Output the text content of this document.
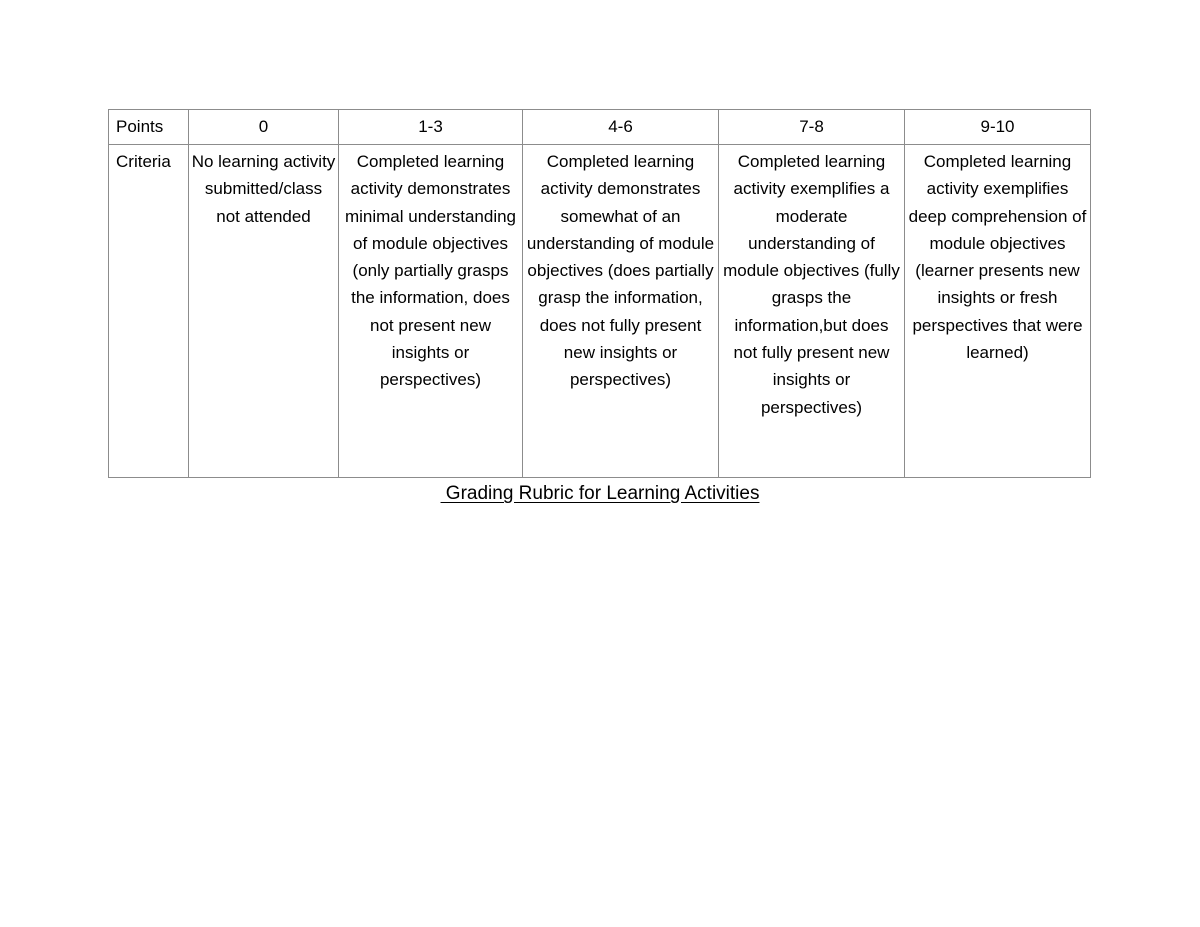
Points	0	1-3	4-6	7-8	9-10
Criteria	No learning activity submitted/class not attended	Completed learning activity demonstrates minimal understanding of module objectives (only partially grasps the information, does not present new insights or perspectives)	Completed learning activity demonstrates somewhat of an understanding of module objectives (does partially grasp the information, does not fully present new insights or perspectives)	Completed learning activity exemplifies a moderate understanding of module objectives (fully grasps the information,but does not fully present new insights or perspectives)	Completed learning activity exemplifies deep comprehension of module objectives (learner presents new insights or fresh perspectives that were learned)
Grading Rubric for Learning Activities
